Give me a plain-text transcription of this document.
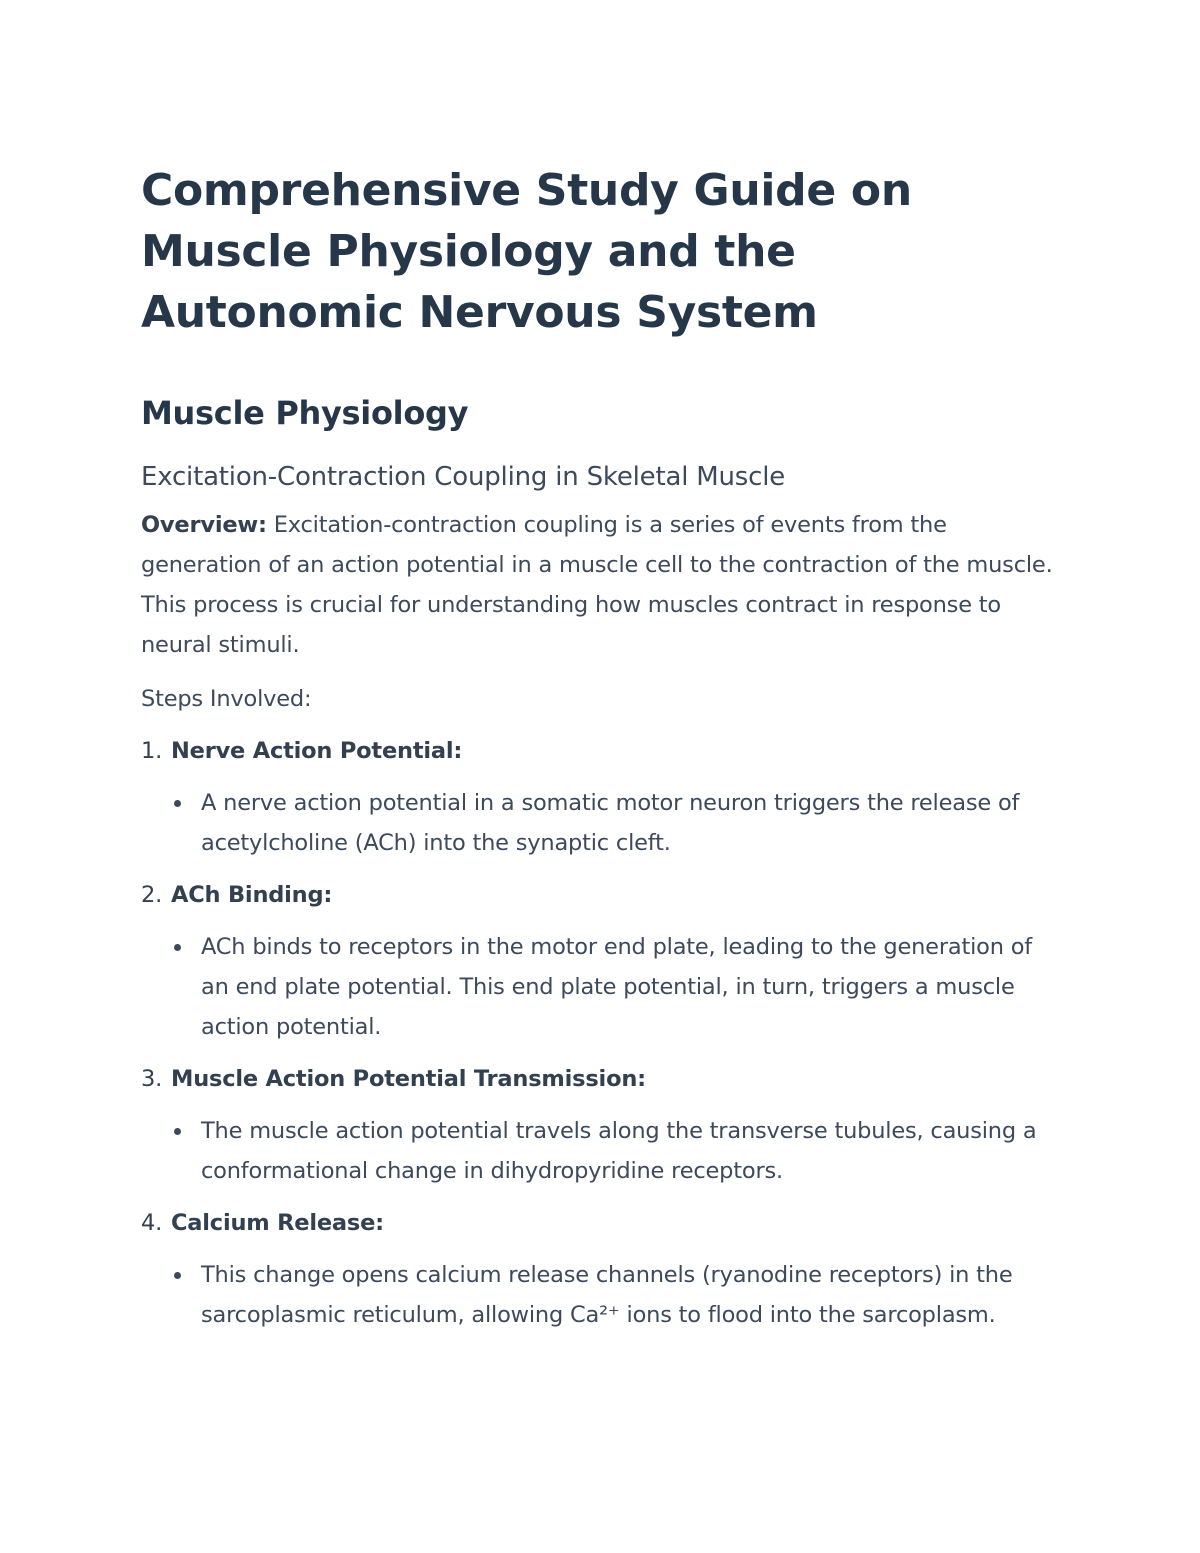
Comprehensive Study Guide on Muscle Physiology and the Autonomic Nervous System
Muscle Physiology
Excitation-Contraction Coupling in Skeletal Muscle

Overview: Excitation-contraction coupling is a series of events from the generation of an action potential in a muscle cell to the contraction of the muscle. This process is crucial for understanding how muscles contract in response to neural stimuli.

Steps Involved:

1. Nerve Action Potential:
A nerve action potential in a somatic motor neuron triggers the release of acetylcholine (ACh) into the synaptic cleft.
2. ACh Binding:
ACh binds to receptors in the motor end plate, leading to the generation of an end plate potential. This end plate potential, in turn, triggers a muscle action potential.
3. Muscle Action Potential Transmission:
The muscle action potential travels along the transverse tubules, causing a conformational change in dihydropyridine receptors.
4. Calcium Release:
This change opens calcium release channels (ryanodine receptors) in the sarcoplasmic reticulum, allowing Ca²⁺ ions to flood into the sarcoplasm.
